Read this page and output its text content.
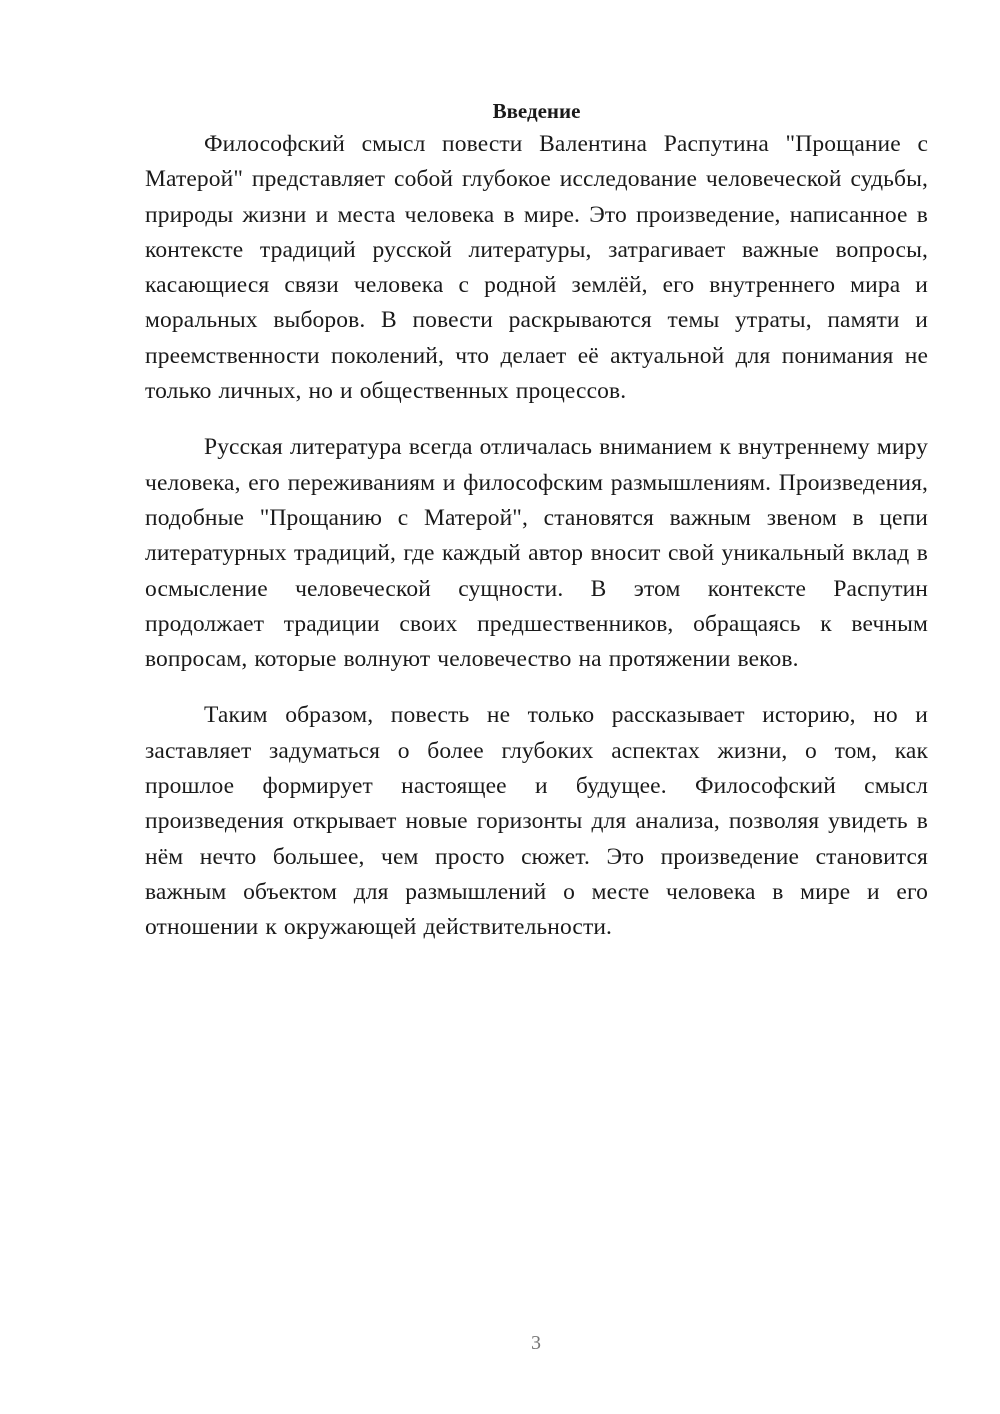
Введение

Философский смысл повести Валентина Распутина "Прощание с Матерой" представляет собой глубокое исследование человеческой судьбы, природы жизни и места человека в мире. Это произведение, написанное в контексте традиций русской литературы, затрагивает важные вопросы, касающиеся связи человека с родной землёй, его внутреннего мира и моральных выборов. В повести раскрываются темы утраты, памяти и преемственности поколений, что делает её актуальной для понимания не только личных, но и общественных процессов.

Русская литература всегда отличалась вниманием к внутреннему миру человека, его переживаниям и философским размышлениям. Произведения, подобные "Прощанию с Матерой", становятся важным звеном в цепи литературных традиций, где каждый автор вносит свой уникальный вклад в осмысление человеческой сущности. В этом контексте Распутин продолжает традиции своих предшественников, обращаясь к вечным вопросам, которые волнуют человечество на протяжении веков.

Таким образом, повесть не только рассказывает историю, но и заставляет задуматься о более глубоких аспектах жизни, о том, как прошлое формирует настоящее и будущее. Философский смысл произведения открывает новые горизонты для анализа, позволяя увидеть в нём нечто большее, чем просто сюжет. Это произведение становится важным объектом для размышлений о месте человека в мире и его отношении к окружающей действительности.

3
